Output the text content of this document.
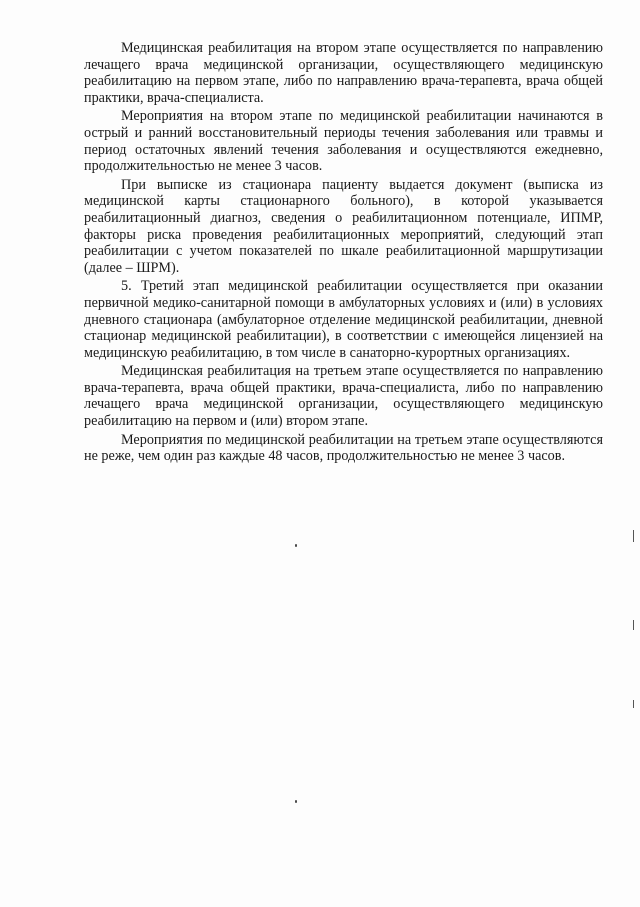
Медицинская реабилитация на втором этапе осуществляется по направлению лечащего врача медицинской организации, осуществляющего медицинскую реабилитацию на первом этапе, либо по направлению врача-терапевта, врача общей практики, врача-специалиста.

Мероприятия на втором этапе по медицинской реабилитации начинаются в острый и ранний восстановительный периоды течения заболевания или травмы и период остаточных явлений течения заболевания и осуществляются ежедневно, продолжительностью не менее 3 часов.

При выписке из стационара пациенту выдается документ (выписка из медицинской карты стационарного больного), в которой указывается реабилитационный диагноз, сведения о реабилитационном потенциале, ИПМР, факторы риска проведения реабилитационных мероприятий, следующий этап реабилитации с учетом показателей по шкале реабилитационной маршрутизации (далее – ШРМ).

5. Третий этап медицинской реабилитации осуществляется при оказании первичной медико-санитарной помощи в амбулаторных условиях и (или) в условиях дневного стационара (амбулаторное отделение медицинской реабилитации, дневной стационар медицинской реабилитации), в соответствии с имеющейся лицензией на медицинскую реабилитацию, в том числе в санаторно-курортных организациях.

Медицинская реабилитация на третьем этапе осуществляется по направлению врача-терапевта, врача общей практики, врача-специалиста, либо по направлению лечащего врача медицинской организации, осуществляющего медицинскую реабилитацию на первом и (или) втором этапе.

Мероприятия по медицинской реабилитации на третьем этапе осуществляются не реже, чем один раз каждые 48 часов, продолжительностью не менее 3 часов.
